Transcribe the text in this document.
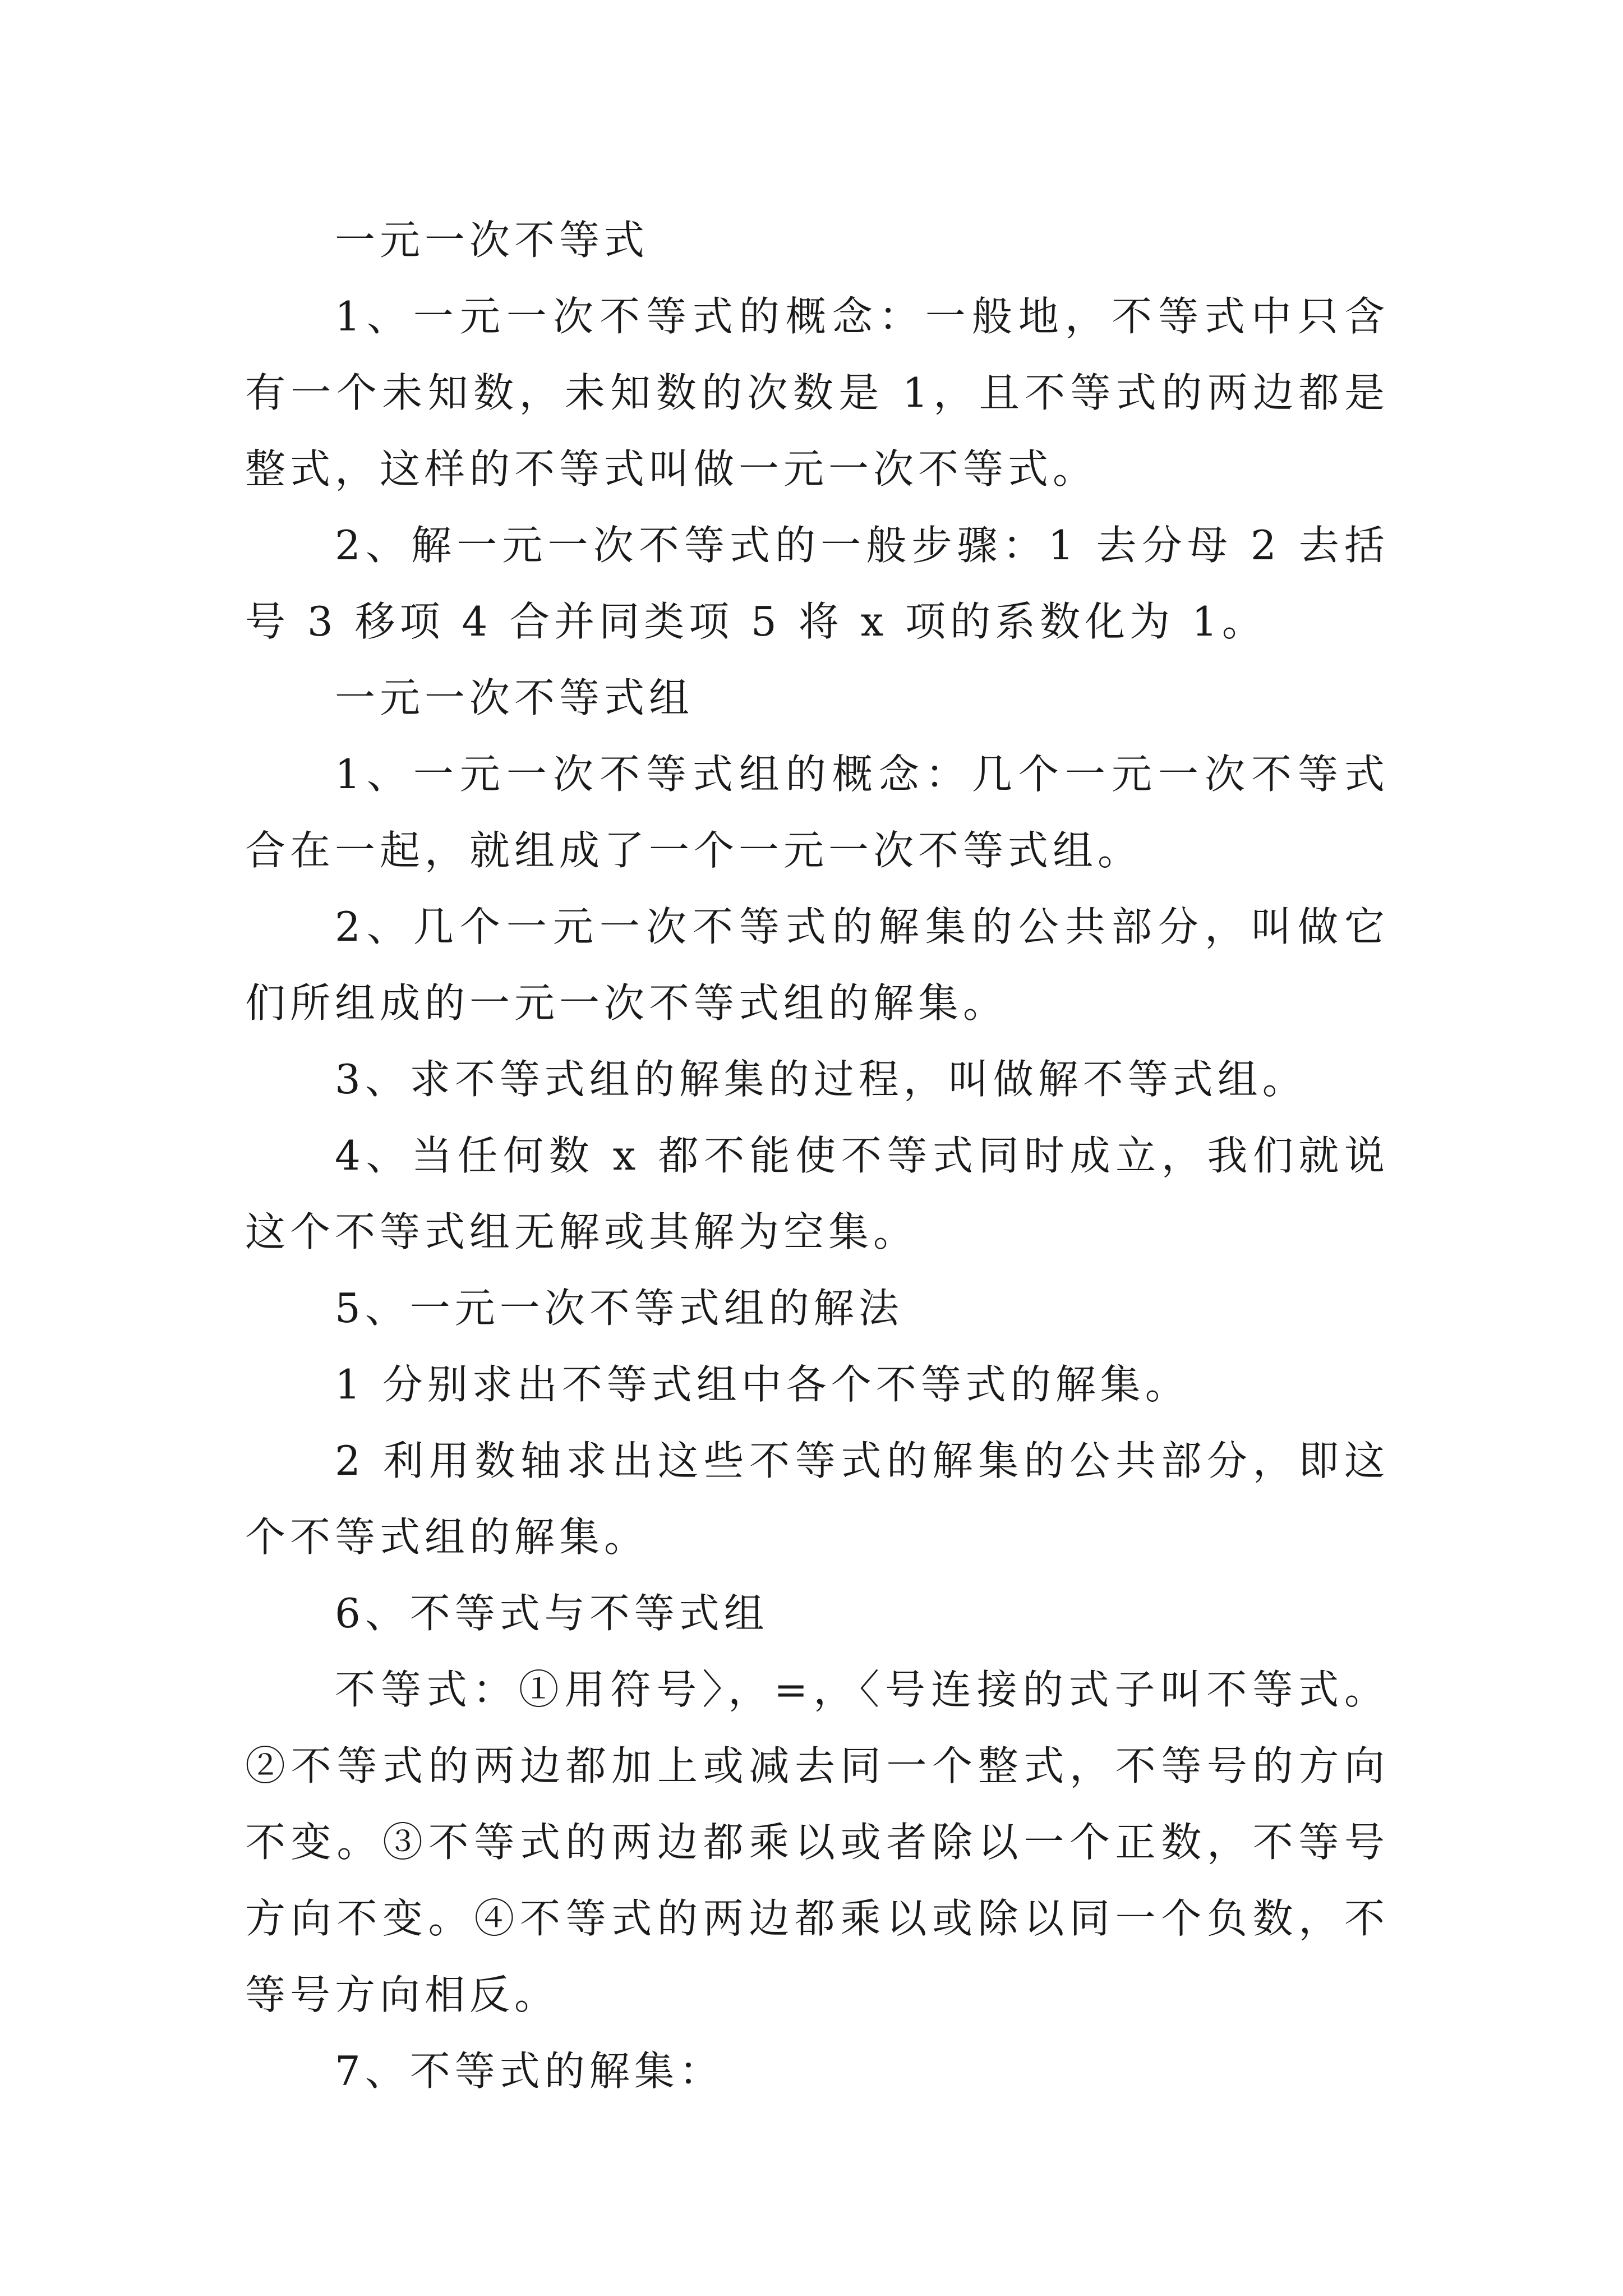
一元一次不等式

1、一元一次不等式的概念：一般地，不等式中只含有一个未知数，未知数的次数是 1，且不等式的两边都是整式，这样的不等式叫做一元一次不等式。

2、解一元一次不等式的一般步骤：1 去分母 2 去括号 3 移项 4 合并同类项 5 将 x 项的系数化为 1。

一元一次不等式组

1、一元一次不等式组的概念：几个一元一次不等式合在一起，就组成了一个一元一次不等式组。

2、几个一元一次不等式的解集的公共部分，叫做它们所组成的一元一次不等式组的解集。

3、求不等式组的解集的过程，叫做解不等式组。

4、当任何数 x 都不能使不等式同时成立，我们就说这个不等式组无解或其解为空集。

5、一元一次不等式组的解法

1 分别求出不等式组中各个不等式的解集。

2 利用数轴求出这些不等式的解集的公共部分，即这个不等式组的解集。

6、不等式与不等式组

不等式：①用符号〉，=，〈号连接的式子叫不等式。②不等式的两边都加上或减去同一个整式，不等号的方向不变。③不等式的两边都乘以或者除以一个正数，不等号方向不变。④不等式的两边都乘以或除以同一个负数，不等号方向相反。

7、不等式的解集：
